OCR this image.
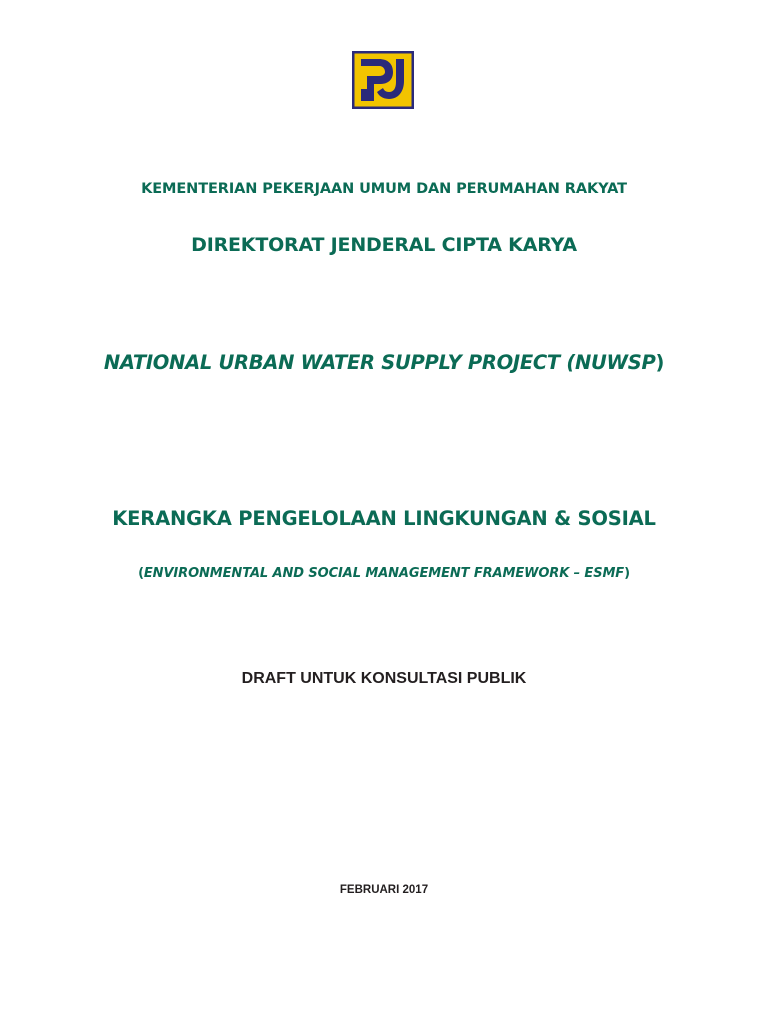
KEMENTERIAN PEKERJAAN UMUM DAN PERUMAHAN RAKYAT
DIREKTORAT JENDERAL CIPTA KARYA
NATIONAL URBAN WATER SUPPLY PROJECT (NUWSP)
KERANGKA PENGELOLAAN LINGKUNGAN & SOSIAL
(ENVIRONMENTAL AND SOCIAL MANAGEMENT FRAMEWORK – ESMF)
DRAFT UNTUK KONSULTASI PUBLIK
FEBRUARI 2017
